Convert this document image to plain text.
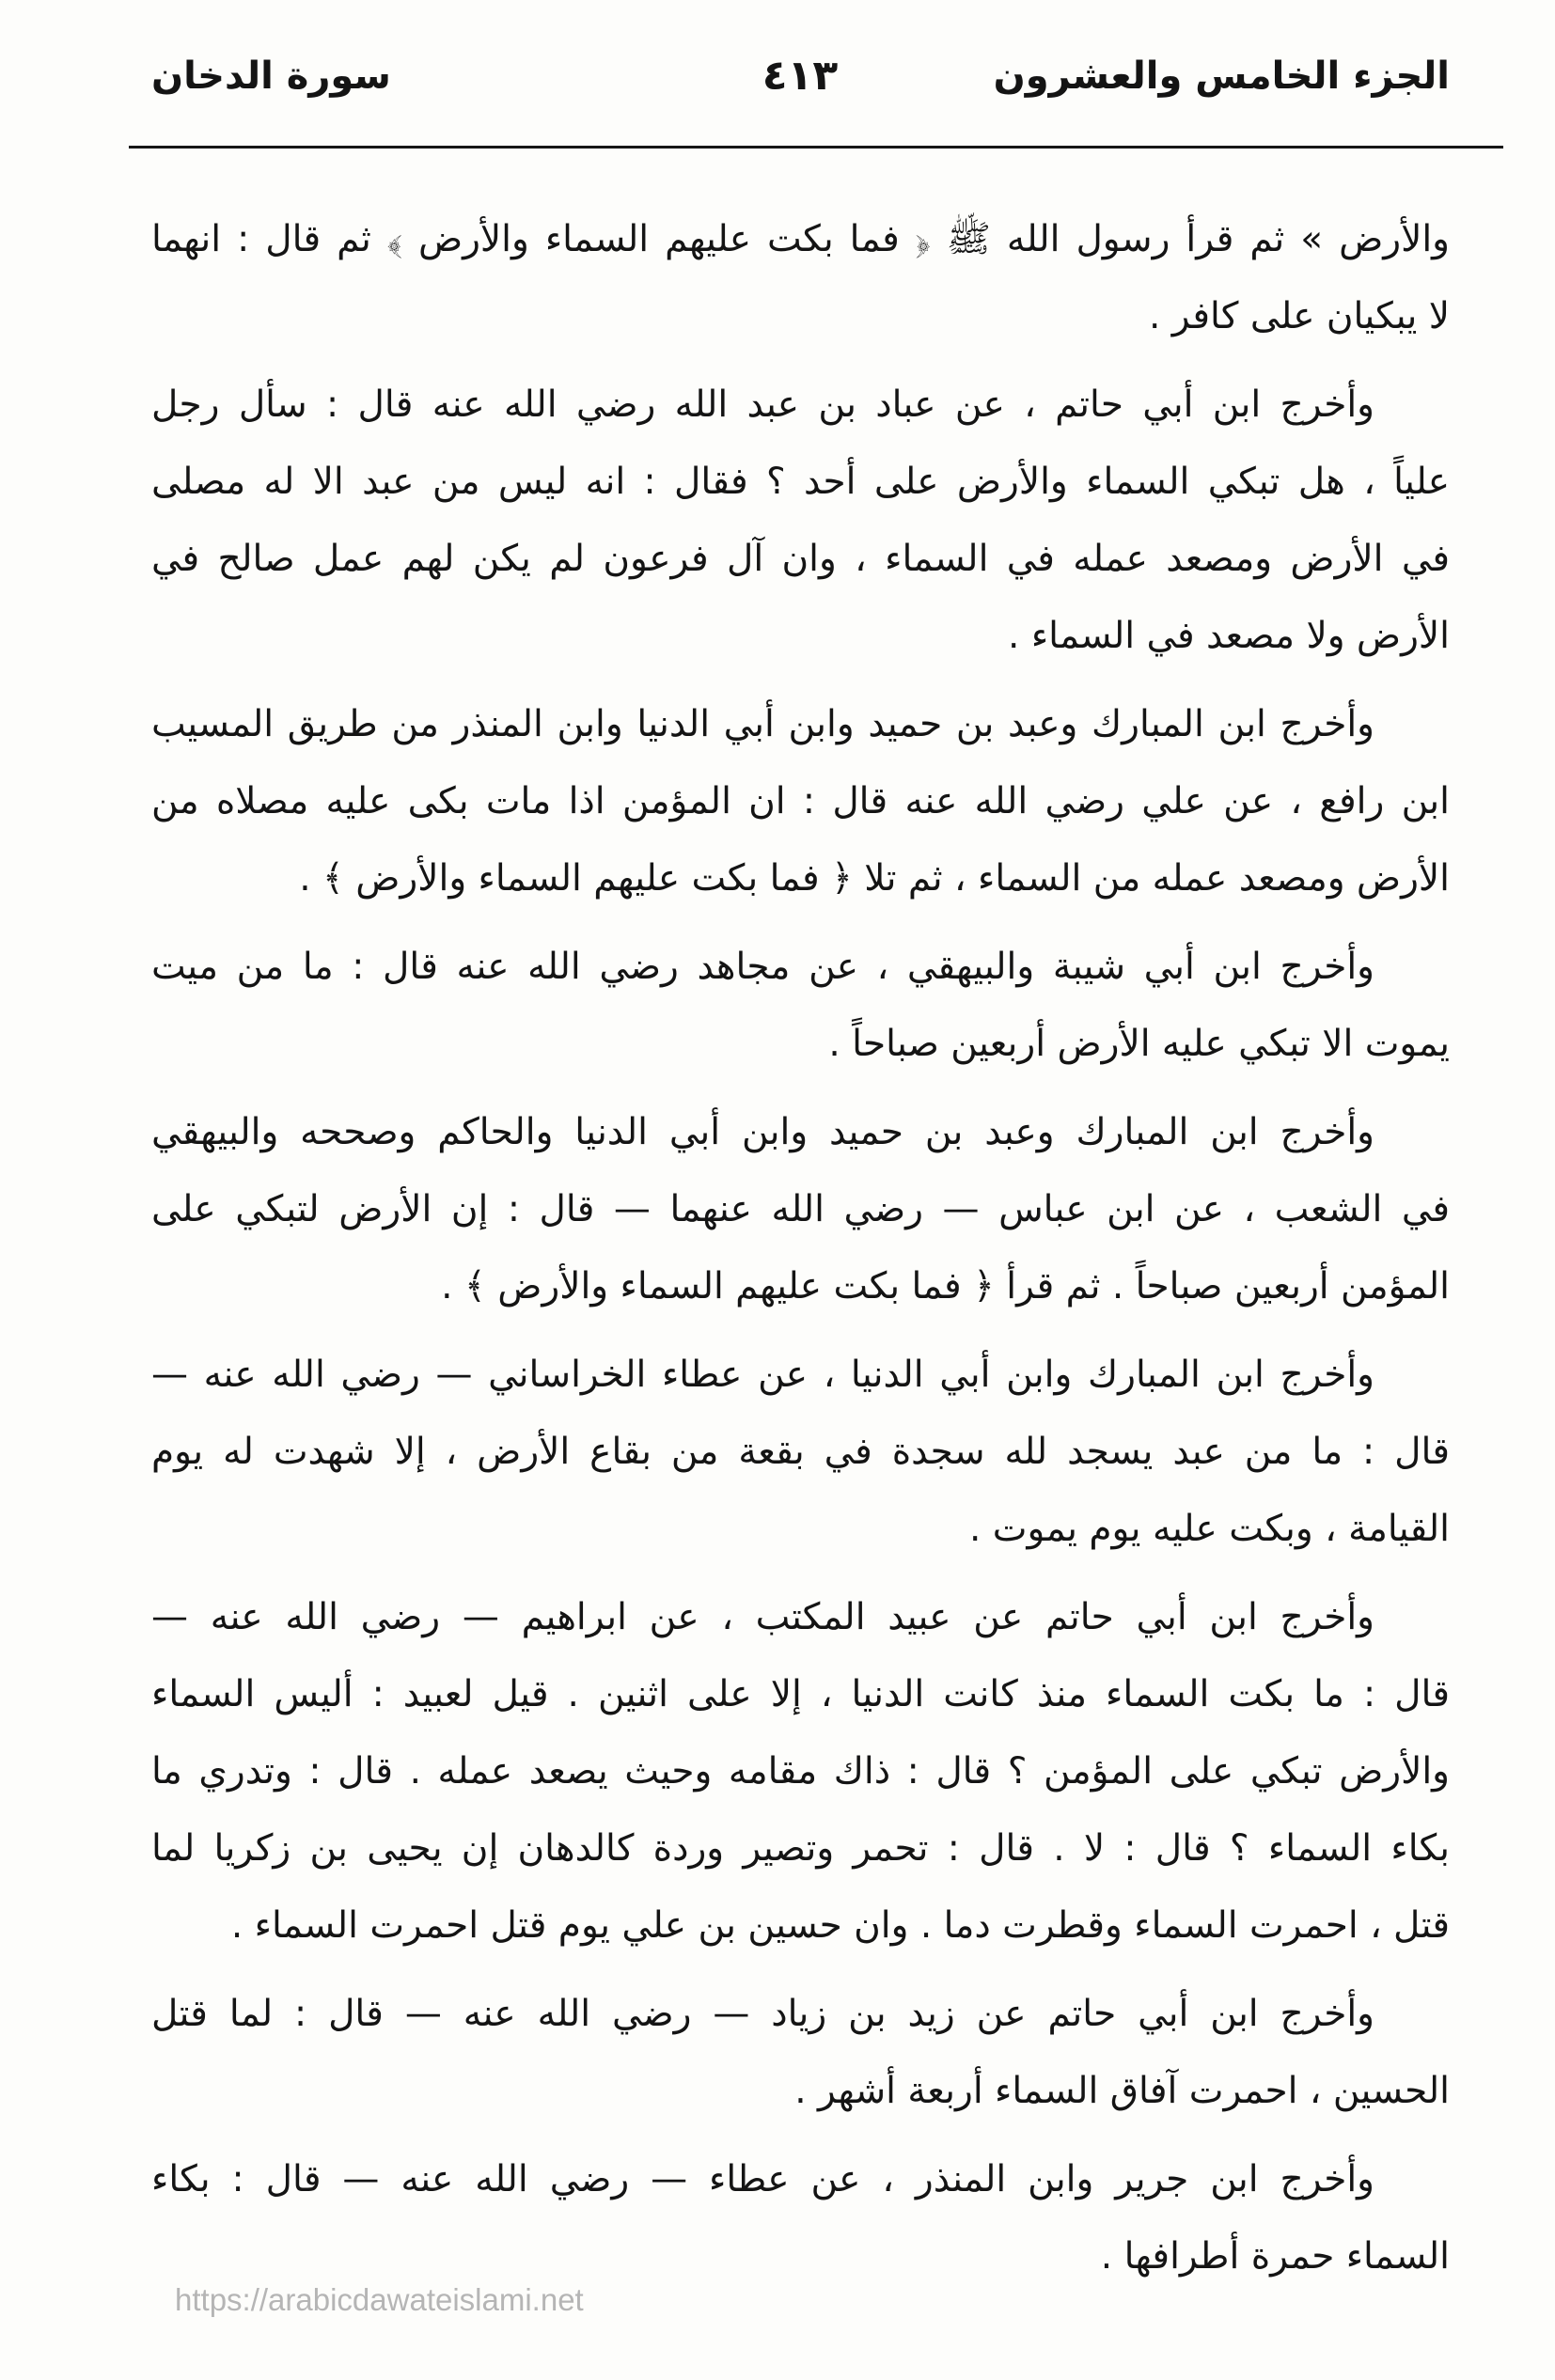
الجزء الخامس والعشرون
٤١٣
سورة الدخان
والأرض » ثم قرأ رسول الله ﷺ ﴿ فما بكت عليهم السماء والأرض ﴾ ثم قال : انهما
لا يبكيان على كافر .
وأخرج ابن أبي حاتم ، عن عباد بن عبد الله رضي الله عنه قال : سأل رجل
علياً ، هل تبكي السماء والأرض على أحد ؟ فقال : انه ليس من عبد الا له مصلى
في الأرض ومصعد عمله في السماء ، وان آل فرعون لم يكن لهم عمل صالح في
الأرض ولا مصعد في السماء .
وأخرج ابن المبارك وعبد بن حميد وابن أبي الدنيا وابن المنذر من طريق المسيب
ابن رافع ، عن علي رضي الله عنه قال : ان المؤمن اذا مات بكى عليه مصلاه من
الأرض ومصعد عمله من السماء ، ثم تلا ﴿ فما بكت عليهم السماء والأرض ﴾ .
وأخرج ابن أبي شيبة والبيهقي ، عن مجاهد رضي الله عنه قال : ما من ميت
يموت الا تبكي عليه الأرض أربعين صباحاً .
وأخرج ابن المبارك وعبد بن حميد وابن أبي الدنيا والحاكم وصححه والبيهقي
في الشعب ، عن ابن عباس — رضي الله عنهما — قال : إن الأرض لتبكي على
المؤمن أربعين صباحاً . ثم قرأ ﴿ فما بكت عليهم السماء والأرض ﴾ .
وأخرج ابن المبارك وابن أبي الدنيا ، عن عطاء الخراساني — رضي الله عنه —
قال : ما من عبد يسجد لله سجدة في بقعة من بقاع الأرض ، إلا شهدت له يوم
القيامة ، وبكت عليه يوم يموت .
وأخرج ابن أبي حاتم عن عبيد المكتب ، عن ابراهيم — رضي الله عنه —
قال : ما بكت السماء منذ كانت الدنيا ، إلا على اثنين . قيل لعبيد : أليس السماء
والأرض تبكي على المؤمن ؟ قال : ذاك مقامه وحيث يصعد عمله . قال : وتدري ما
بكاء السماء ؟ قال : لا . قال : تحمر وتصير وردة كالدهان إن يحيى بن زكريا لما
قتل ، احمرت السماء وقطرت دما . وان حسين بن علي يوم قتل احمرت السماء .
وأخرج ابن أبي حاتم عن زيد بن زياد — رضي الله عنه — قال : لما قتل
الحسين ، احمرت آفاق السماء أربعة أشهر .
وأخرج ابن جرير وابن المنذر ، عن عطاء — رضي الله عنه — قال : بكاء
السماء حمرة أطرافها .
https://arabicdawateislami.net
